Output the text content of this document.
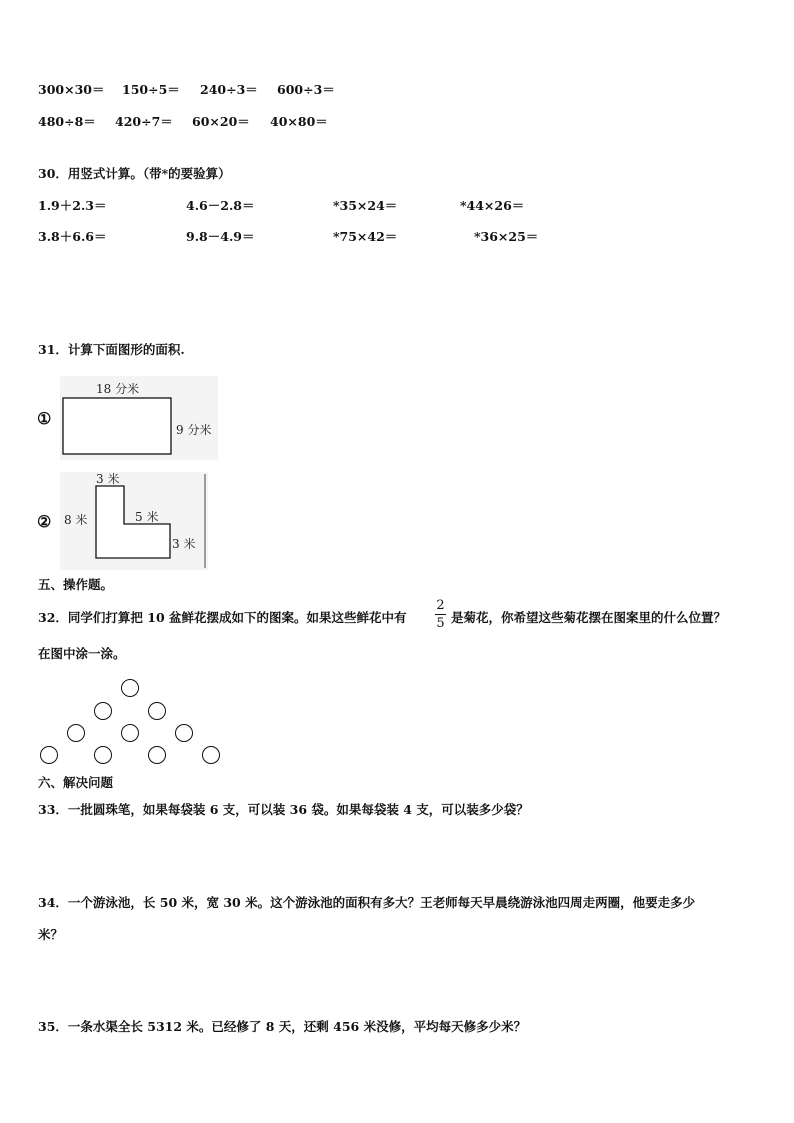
300×30＝ 150÷5＝ 240÷3＝ 600÷3＝
480÷8＝ 420÷7＝ 60×20＝ 40×80＝
30．用竖式计算。（带*的要验算）
1.9＋2.3＝	4.6－2.8＝	*35×24＝	*44×26＝
3.8＋6.6＝	9.8－4.9＝	*75×42＝	*36×25＝
31．计算下面图形的面积.
①
18 分米
9 分米
②
3 米
8 米	5 米
3 米
五、操作题。
32．同学们打算把 10 盆鲜花摆成如下的图案。如果这些鲜花中有
2
5 是菊花，你希望这些菊花摆在图案里的什么位置？
在图中涂一涂。
六、解决问题
33．一批圆珠笔，如果每袋装 6 支，可以装 36 袋。如果每袋装 4 支，可以装多少袋？
34．一个游泳池，长 50 米，宽 30 米。这个游泳池的面积有多大？王老师每天早晨绕游泳池四周走两圈，他要走多少
米？
35．一条水渠全长 5312 米。已经修了 8 天，还剩 456 米没修，平均每天修多少米？
